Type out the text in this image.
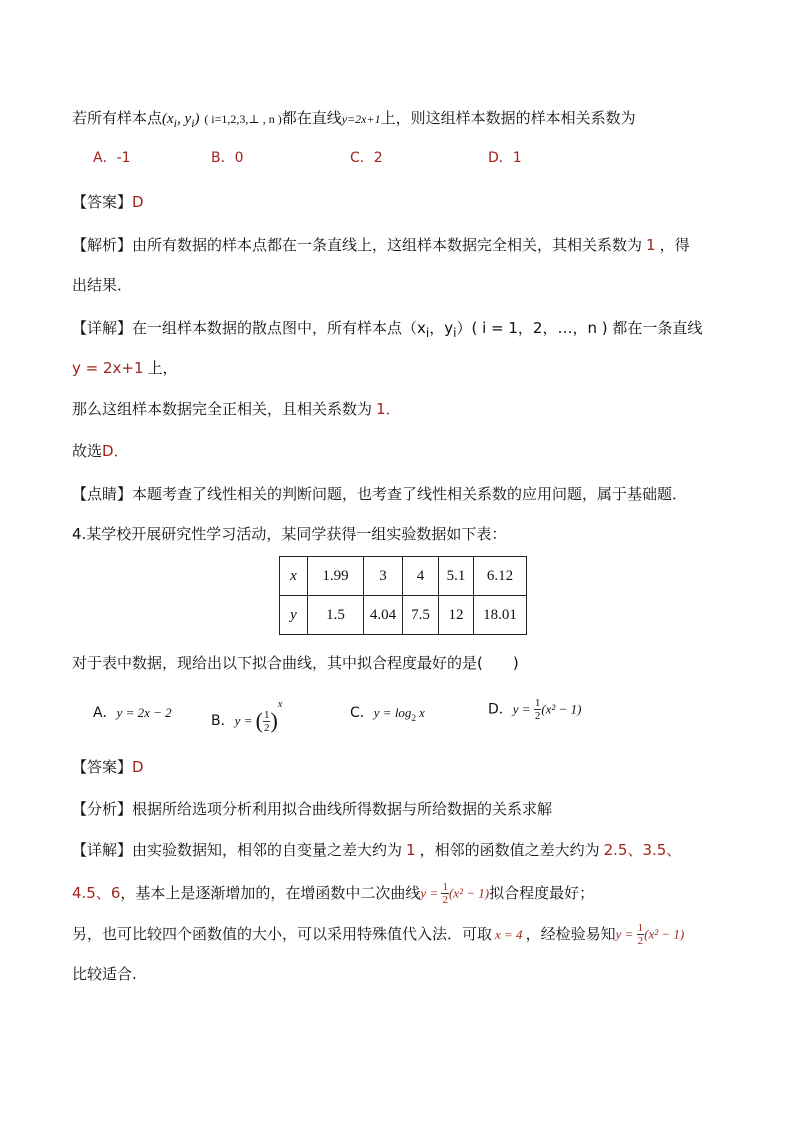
若所有样本点($x_i$, $y_i$) ( i=1,2,3,⊥ , n )都在直线y=2x+1上，则这组样本数据的样本相关系数为
A．-1	B．0	C．2	D．1
【答案】D
【解析】由所有数据的样本点都在一条直线上，这组样本数据完全相关，其相关系数为 1 ，得
出结果．
【详解】在一组样本数据的散点图中，所有样本点（$x_i$，$y_i$）( i = 1，2，…，n ) 都在一条直线
y = 2x+1 上，
那么这组样本数据完全正相关，且相关系数为 1．
故选D．
【点睛】本题考查了线性相关的判断问题，也考查了线性相关系数的应用问题，属于基础题．
4.某学校开展研究性学习活动，某同学获得一组实验数据如下表：
x	1.99	3	4	5.1	6.12
y	1.5	4.04	7.5	12	18.01
对于表中数据，现给出以下拟合曲线，其中拟合程度最好的是(　　)
A．y = 2x − 2
B．y = ( $\frac{1}{2} )^x$
C．$y = \log_2 x$	D．$y = \frac{1}{2} (x^2 - 1)$
【答案】D
【分析】根据所给选项分析利用拟合曲线所得数据与所给数据的关系求解
【详解】由实验数据知，相邻的自变量之差大约为 1 ，相邻的函数值之差大约为 2.5、3.5、
4.5、6，基本上是逐渐增加的，在增函数中二次曲线$y = \frac{1}{2} (x^2 - 1)$拟合程度最好；
另，也可比较四个函数值的大小，可以采用特殊值代入法．可取 x = 4 ，经检验易知$y = \frac{1}{2} (x^2 - 1)$
比较适合.
